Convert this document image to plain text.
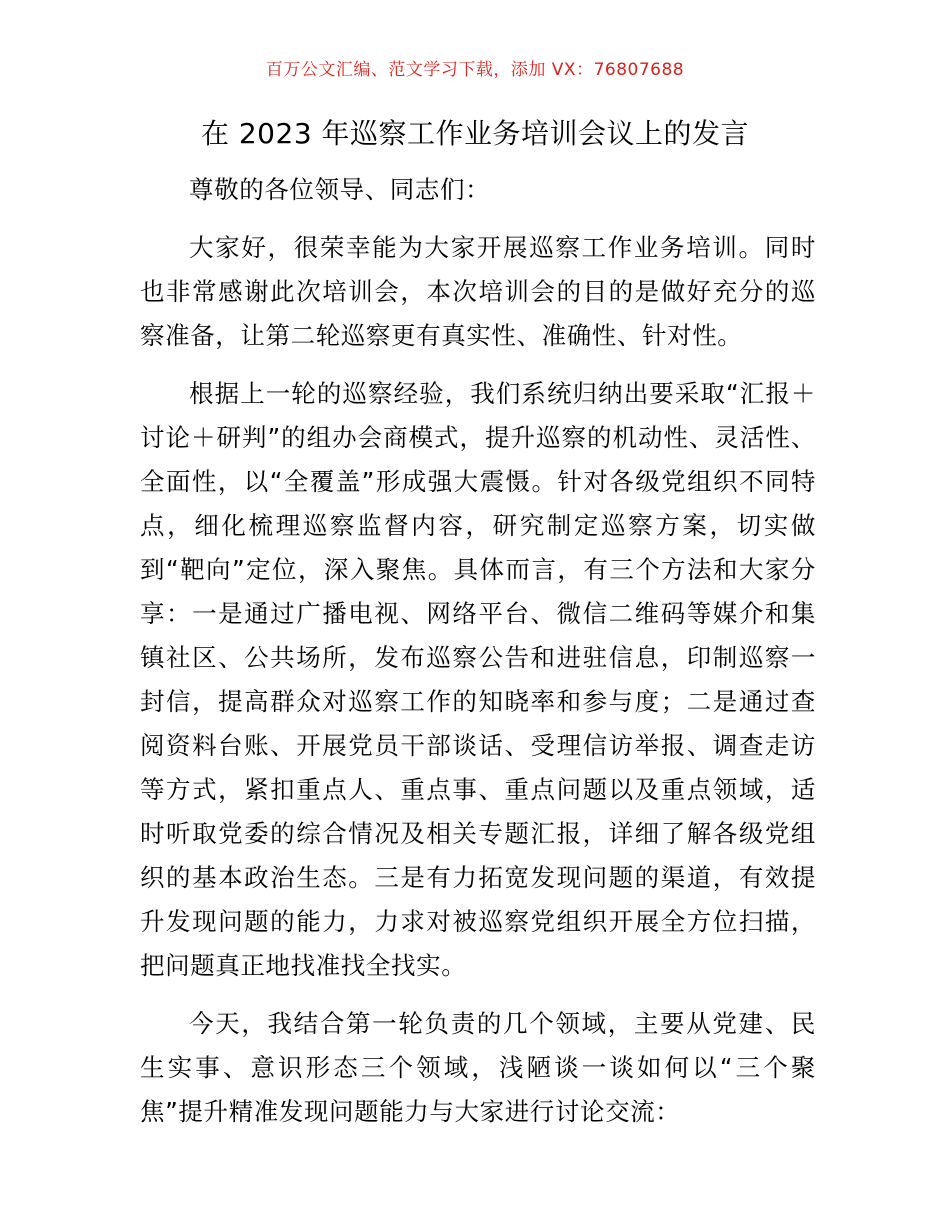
百万公文汇编、范文学习下载，添加 VX：76807688
在 2023 年巡察工作业务培训会议上的发言

尊敬的各位领导、同志们：

大家好，很荣幸能为大家开展巡察工作业务培训。同时也非常感谢此次培训会，本次培训会的目的是做好充分的巡察准备，让第二轮巡察更有真实性、准确性、针对性。

根据上一轮的巡察经验，我们系统归纳出要采取“汇报＋讨论＋研判”的组办会商模式，提升巡察的机动性、灵活性、全面性，以“全覆盖”形成强大震慑。针对各级党组织不同特点，细化梳理巡察监督内容，研究制定巡察方案，切实做到“靶向”定位，深入聚焦。具体而言，有三个方法和大家分享：一是通过广播电视、网络平台、微信二维码等媒介和集镇社区、公共场所，发布巡察公告和进驻信息，印制巡察一封信，提高群众对巡察工作的知晓率和参与度；二是通过查阅资料台账、开展党员干部谈话、受理信访举报、调查走访等方式，紧扣重点人、重点事、重点问题以及重点领域，适时听取党委的综合情况及相关专题汇报，详细了解各级党组织的基本政治生态。三是有力拓宽发现问题的渠道，有效提升发现问题的能力，力求对被巡察党组织开展全方位扫描，把问题真正地找准找全找实。

今天，我结合第一轮负责的几个领域，主要从党建、民生实事、意识形态三个领域，浅陋谈一谈如何以“三个聚焦”提升精准发现问题能力与大家进行讨论交流：
